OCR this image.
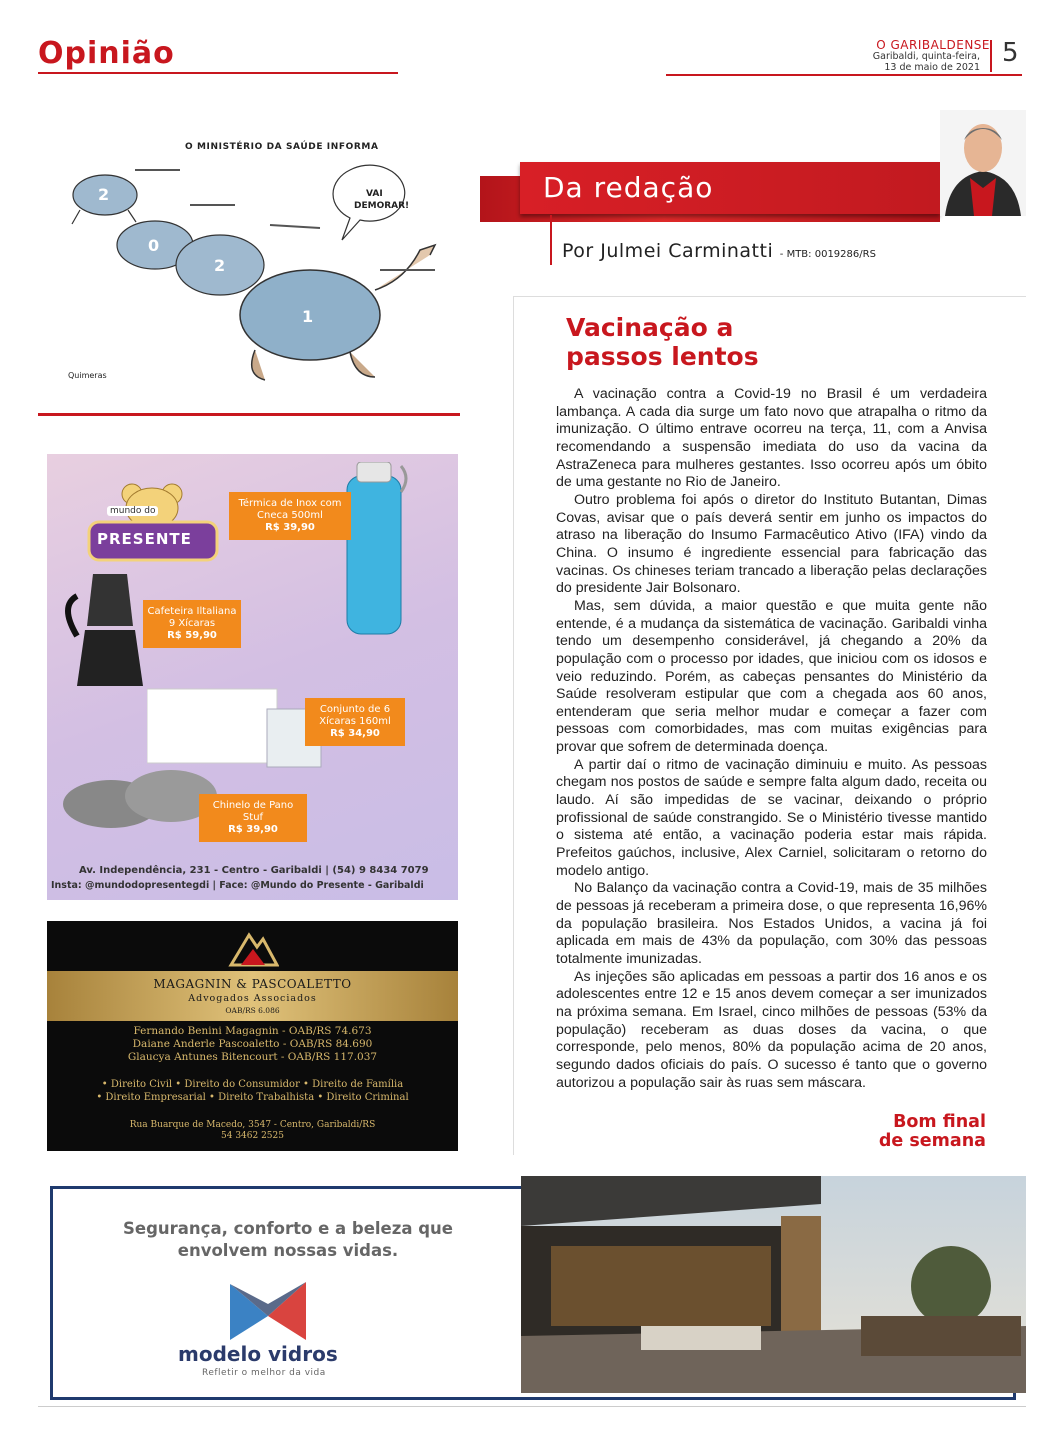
Opinião	O GARIBALDENSE
Garibaldi, quinta-feira,
13 de maio de 2021 5
O MINISTÉRIO DA SAÚDE INFORMA
2
0
2
1
VAI
DEMORAR!
Quimeras
Da redação
Por Julmei Carminatti - MTB: 0019286/RS
Vacinação a
passos lentos

A vacinação contra a Covid-19 no Brasil é um verdadeira lambança. A cada dia surge um fato novo que atrapalha o ritmo da imunização. O último entrave ocorreu na terça, 11, com a Anvisa recomendando a suspensão imediata do uso da vacina da AstraZeneca para mulheres gestantes. Isso ocorreu após um óbito de uma gestante no Rio de Janeiro.

Outro problema foi após o diretor do Instituto Butantan, Dimas Covas, avisar que o país deverá sentir em junho os impactos do atraso na liberação do Insumo Farmacêutico Ativo (IFA) vindo da China. O insumo é ingrediente essencial para fabricação das vacinas. Os chineses teriam trancado a liberação pelas declarações do presidente Jair Bolsonaro.

Mas, sem dúvida, a maior questão e que muita gente não entende, é a mudança da sistemática de vacinação. Garibaldi vinha tendo um desempenho considerável, já chegando a 20% da população com o processo por idades, que iniciou com os idosos e veio reduzindo. Porém, as cabeças pensantes do Ministério da Saúde resolveram estipular que com a chegada aos 60 anos, entenderam que seria melhor mudar e começar a fazer com pessoas com comorbidades, mas com muitas exigências para provar que sofrem de determinada doença.

A partir daí o ritmo de vacinação diminuiu e muito. As pessoas chegam nos postos de saúde e sempre falta algum dado, receita ou laudo. Aí são impedidas de se vacinar, deixando o próprio profissional de saúde constrangido. Se o Ministério tivesse mantido o sistema até então, a vacinação poderia estar mais rápida. Prefeitos gaúchos, inclusive, Alex Carniel, solicitaram o retorno do modelo antigo.

No Balanço da vacinação contra a Covid-19, mais de 35 milhões de pessoas já receberam a primeira dose, o que representa 16,96% da população brasileira. Nos Estados Unidos, a vacina já foi aplicada em mais de 43% da população, com 30% das pessoas totalmente imunizadas.

As injeções são aplicadas em pessoas a partir dos 16 anos e os adolescentes entre 12 e 15 anos devem começar a ser imunizados na próxima semana. Em Israel, cinco milhões de pessoas (53% da população) receberam as duas doses da vacina, o que corresponde, pelo menos, 80% da população acima de 20 anos, segundo dados oficiais do país. O sucesso é tanto que o governo autorizou a população sair às ruas sem máscara.

Bom final
de semana
mundo do
PRESENTE
Térmica de Inox com Cneca 500ml
R$ 39,90
Cafeteira Iltaliana 9 Xícaras
R$ 59,90
Conjunto de 6 Xícaras 160ml
R$ 34,90
Chinelo de Pano Stuf
R$ 39,90
Av. Independência, 231 - Centro - Garibaldi | (54) 9 8434 7079
Insta: @mundodopresentegdi | Face: @Mundo do Presente - Garibaldi
MAGAGNIN & PASCOALETTO
Advogados Associados
OAB/RS 6.086
Fernando Benini Magagnin - OAB/RS 74.673
Daiane Anderle Pascoaletto - OAB/RS 84.690
Glaucya Antunes Bitencourt - OAB/RS 117.037
• Direito Civil • Direito do Consumidor • Direito de Família
• Direito Empresarial • Direito Trabalhista • Direito Criminal
Rua Buarque de Macedo, 3547 - Centro, Garibaldi/RS
54 3462 2525
Segurança, conforto e a beleza que
envolvem nossas vidas.
modelo vidros
Refletir o melhor da vida
